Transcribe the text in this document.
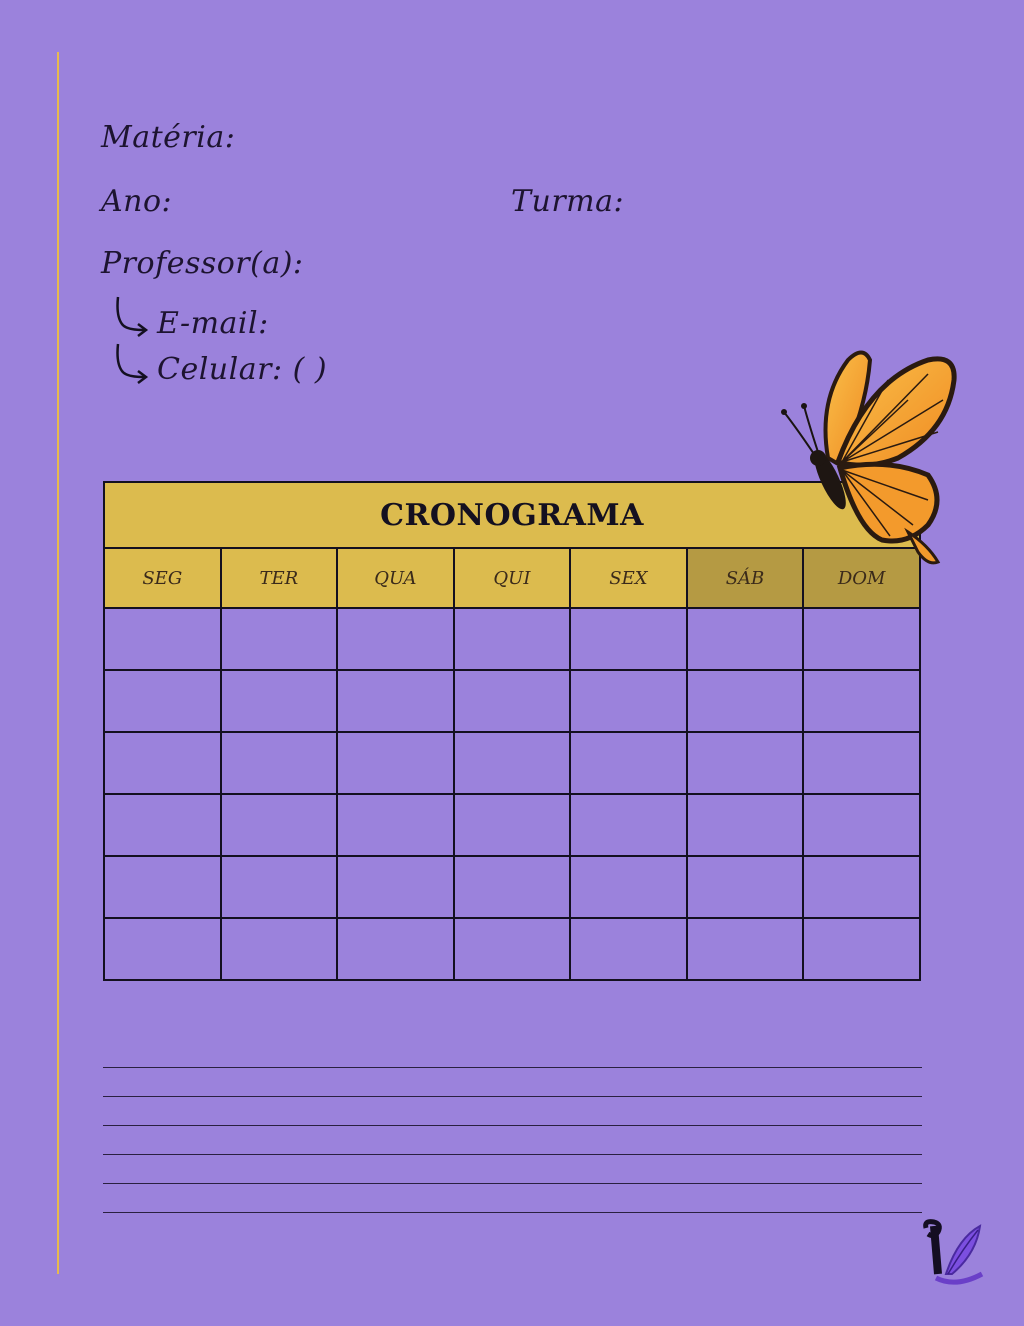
Matéria:
Ano:	Turma:
Professor(a):
E-mail:
Celular: ( )
CRONOGRAMA						
SEG	TER	QUA	QUI	SEX	SÁB	DOM
